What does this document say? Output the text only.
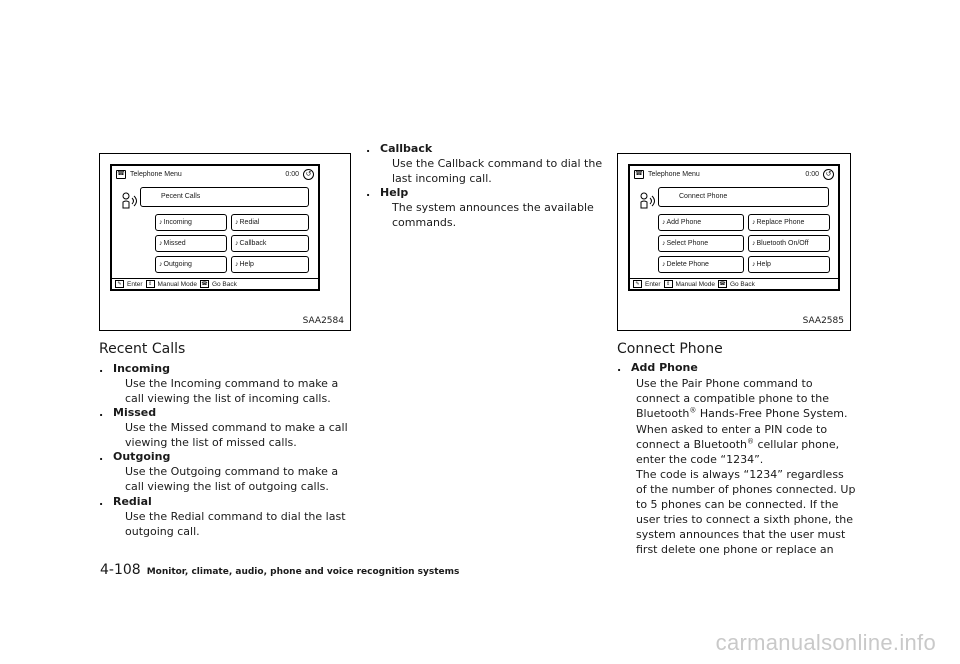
☎ Telephone Menu	0:00 ↺
Pecent Calls
♪ Incoming	♪ Redial
♪ Missed	♪ Callback
♪ Outgoing	♪ Help
✎ Enter	⇕ Manual Mode ☎ Go Back
SAA2584
Recent Calls
. Incoming
Use the Incoming command to make a call viewing the list of incoming calls.
. Missed
Use the Missed command to make a call viewing the list of missed calls.
. Outgoing
Use the Outgoing command to make a call viewing the list of outgoing calls.
. Redial
Use the Redial command to dial the last outgoing call.
. Callback
Use the Callback command to dial the last incoming call.
. Help
The system announces the available commands.
☎ Telephone Menu	0:00 ↺
Connect Phone
♪ Add Phone	♪ Replace Phone
♪ Select Phone	♪ Bluetooth On/Off
♪ Delete Phone	♪ Help
✎ Enter	⇕ Manual Mode ☎ Go Back
SAA2585
Connect Phone
. Add Phone
Use the Pair Phone command to connect a compatible phone to the Bluetooth® Hands-Free Phone System.
When asked to enter a PIN code to connect a Bluetooth® cellular phone, enter the code “1234”.
The code is always “1234” regardless of the number of phones connected. Up to 5 phones can be connected. If the user tries to connect a sixth phone, the system announces that the user must first delete one phone or replace an
4-108 Monitor, climate, audio, phone and voice recognition systems
carmanualsonline.info
